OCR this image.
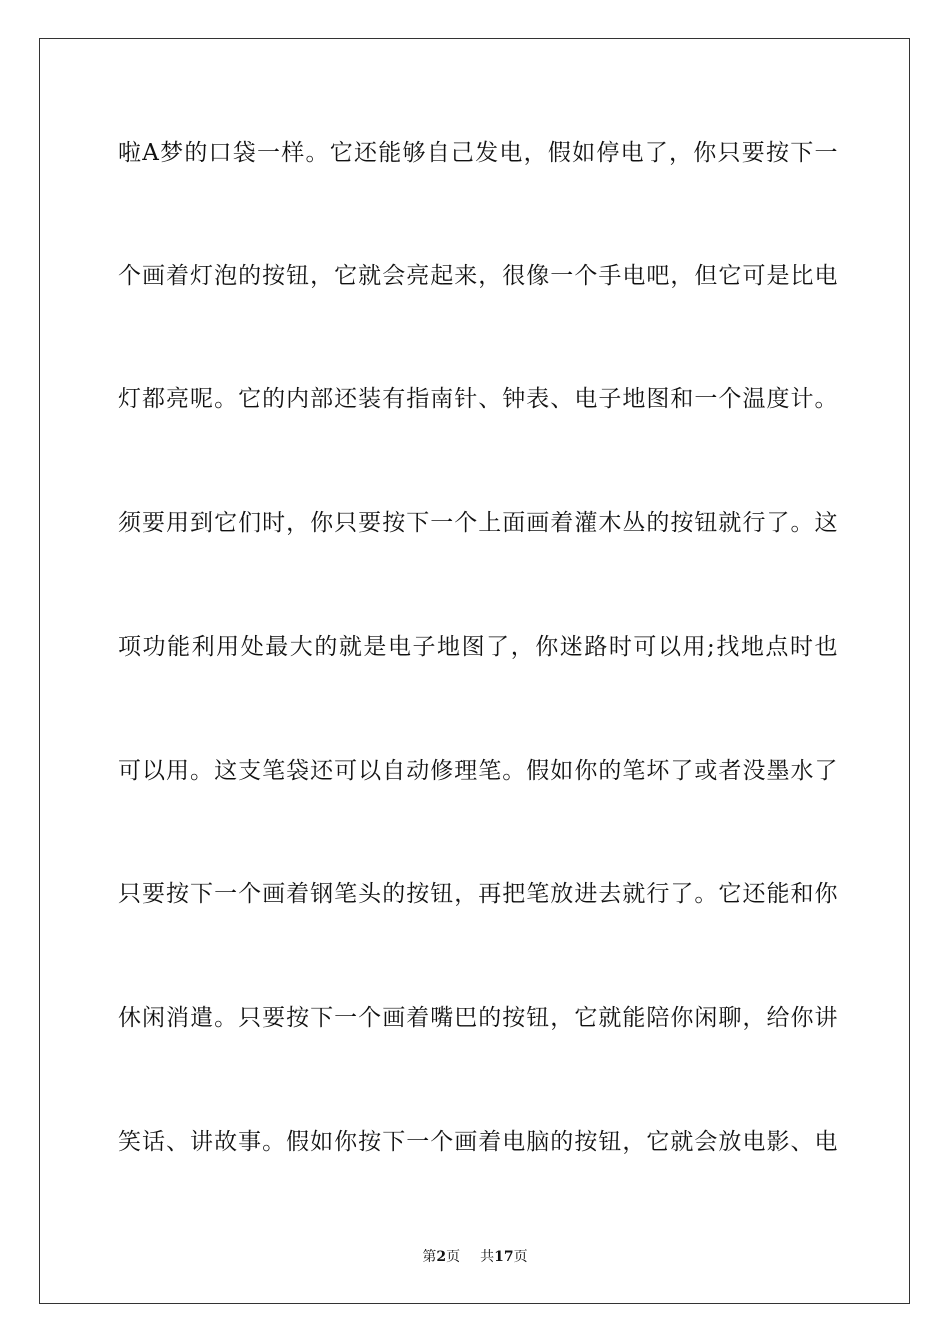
啦A梦的口袋一样。它还能够自己发电，假如停电了，你只要按下一
个画着灯泡的按钮，它就会亮起来，很像一个手电吧，但它可是比电
灯都亮呢。它的内部还装有指南针、钟表、电子地图和一个温度计。
须要用到它们时，你只要按下一个上面画着灌木丛的按钮就行了。这
项功能利用处最大的就是电子地图了，你迷路时可以用;找地点时也
可以用。这支笔袋还可以自动修理笔。假如你的笔坏了或者没墨水了
只要按下一个画着钢笔头的按钮，再把笔放进去就行了。它还能和你
休闲消遣。只要按下一个画着嘴巴的按钮，它就能陪你闲聊，给你讲
笑话、讲故事。假如你按下一个画着电脑的按钮，它就会放电影、电
第2页 共17页
